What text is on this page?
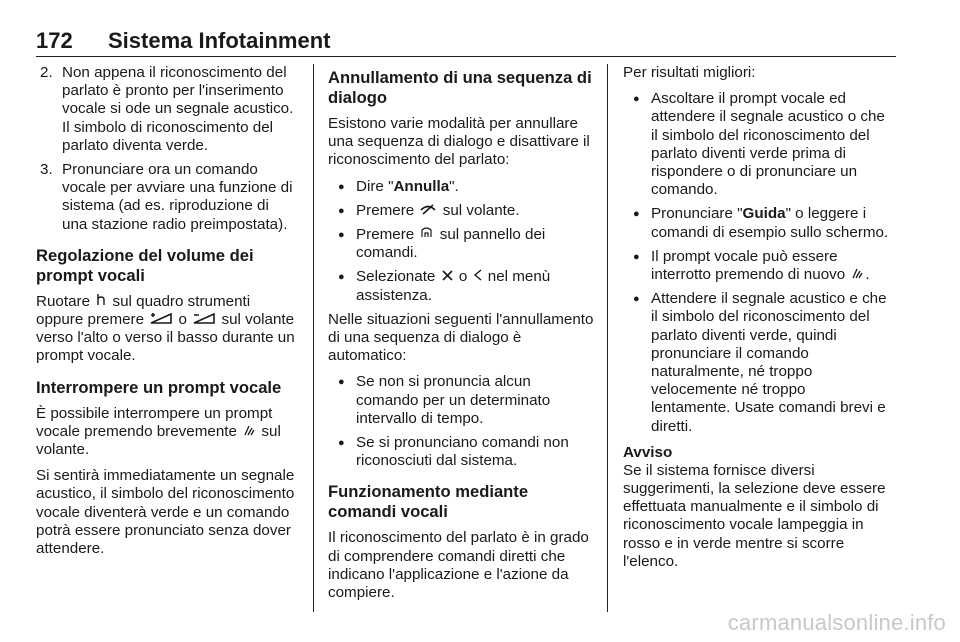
172 Sistema Infotainment
2. Non appena il riconoscimento del parlato è pronto per l'inserimento vocale si ode un segnale acustico. Il simbolo di riconoscimento del parlato diventa verde.
3. Pronunciare ora un comando vocale per avviare una funzione di sistema (ad es. riproduzione di una stazione radio preimpostata).
Regolazione del volume dei prompt vocali

Ruotare sul quadro strumenti oppure premere o sul volante verso l'alto o verso il basso durante un prompt vocale.

Interrompere un prompt vocale

È possibile interrompere un prompt vocale premendo brevemente sul volante.

Si sentirà immediatamente un segnale acustico, il simbolo del riconoscimento vocale diventerà verde e un comando potrà essere pronunciato senza dover attendere.

Annullamento di una sequenza di dialogo

Esistono varie modalità per annullare una sequenza di dialogo e disattivare il riconoscimento del parlato:

● Dire "Annulla".
● Premere sul volante.
● Premere sul pannello dei comandi.
● Selezionate o nel menù assistenza.

Nelle situazioni seguenti l'annullamento di una sequenza di dialogo è automatico:

● Se non si pronuncia alcun comando per un determinato intervallo di tempo.
● Se si pronunciano comandi non riconosciuti dal sistema.
Funzionamento mediante comandi vocali

Il riconoscimento del parlato è in grado di comprendere comandi diretti che indicano l'applicazione e l'azione da compiere.

Per risultati migliori:

● Ascoltare il prompt vocale ed attendere il segnale acustico o che il simbolo del riconoscimento del parlato diventi verde prima di rispondere o di pronunciare un comando.
● Pronunciare "Guida" o leggere i comandi di esempio sullo schermo.
● Il prompt vocale può essere interrotto premendo di nuovo .
● Attendere il segnale acustico e che il simbolo del riconoscimento del parlato diventi verde, quindi pronunciare il comando naturalmente, né troppo velocemente né troppo lentamente. Usate comandi brevi e diretti.
Avviso

Se il sistema fornisce diversi suggerimenti, la selezione deve essere effettuata manualmente e il simbolo di riconoscimento vocale lampeggia in rosso e in verde mentre si scorre l'elenco.

carmanualsonline.info
